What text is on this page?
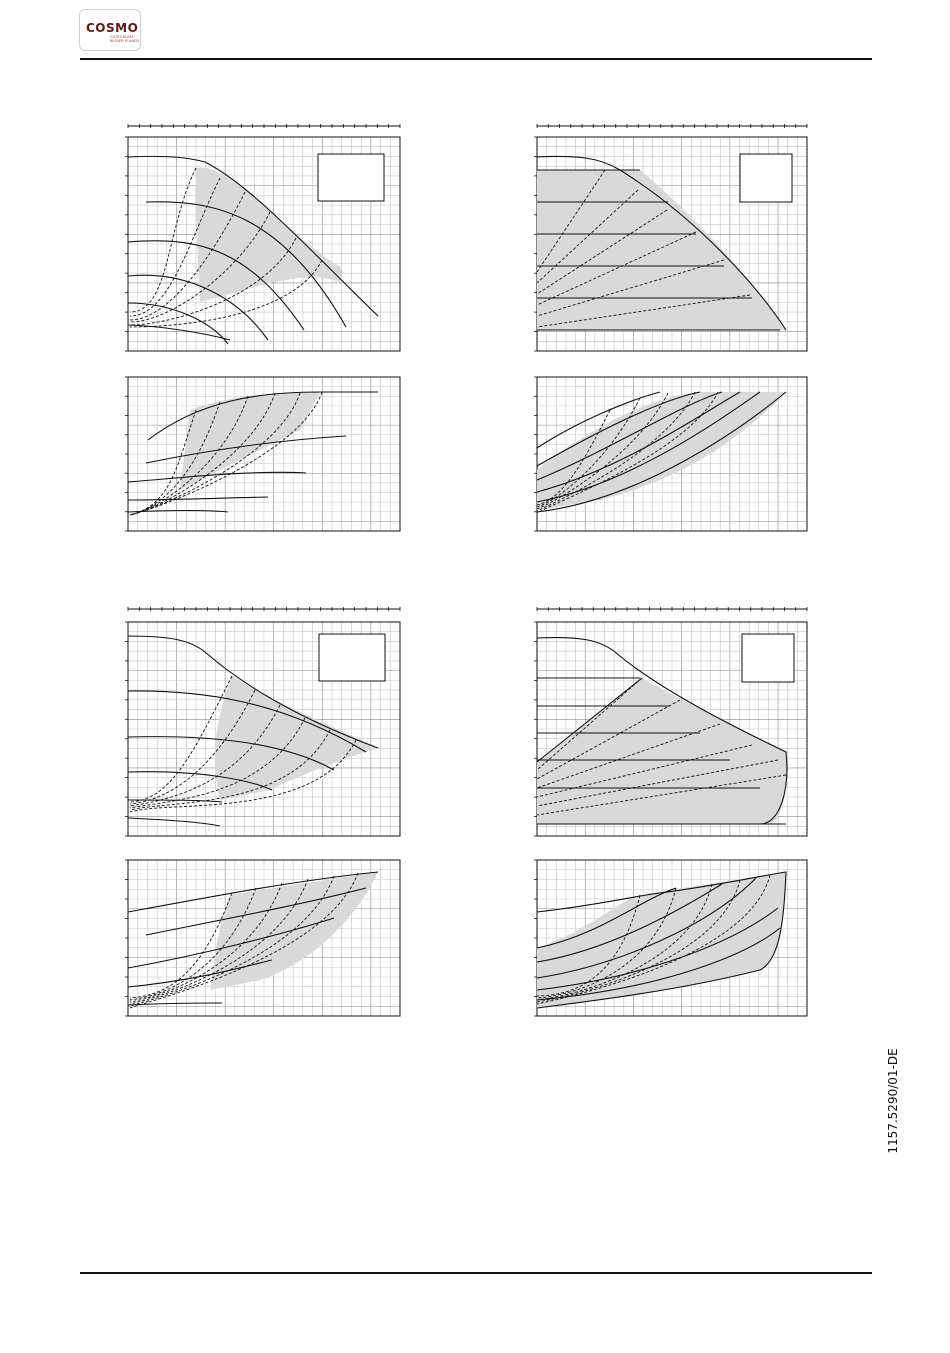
COSMO
GUTES KLIMA
BESSER PLANEN
1157.5290/01-DE
